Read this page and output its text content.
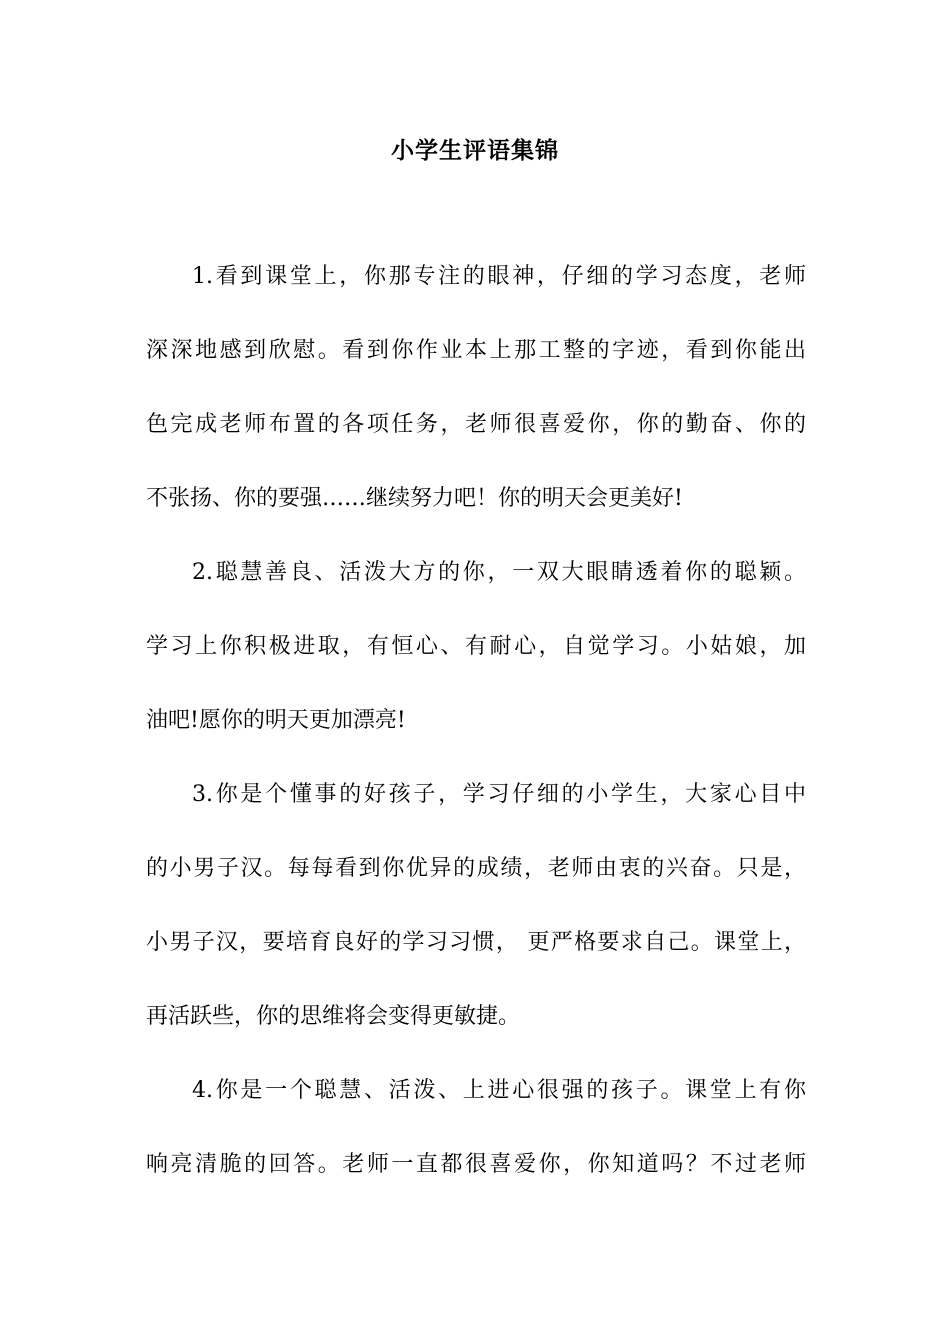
小学生评语集锦
1.看到课堂上，你那专注的眼神，仔细的学习态度，老师
深深地感到欣慰。看到你作业本上那工整的字迹，看到你能出
色完成老师布置的各项任务，老师很喜爱你，你的勤奋、你的
不张扬、你的要强……继续努力吧！你的明天会更美好!
2.聪慧善良、活泼大方的你，一双大眼睛透着你的聪颖。
学习上你积极进取，有恒心、有耐心，自觉学习。小姑娘，加
油吧!愿你的明天更加漂亮!
3.你是个懂事的好孩子，学习仔细的小学生，大家心目中
的小男子汉。每每看到你优异的成绩，老师由衷的兴奋。只是，
小男子汉，要培育良好的学习习惯， 更严格要求自己。课堂上，
再活跃些，你的思维将会变得更敏捷。
4.你是一个聪慧、活泼、上进心很强的孩子。课堂上有你
响亮清脆的回答。老师一直都很喜爱你，你知道吗？不过老师
